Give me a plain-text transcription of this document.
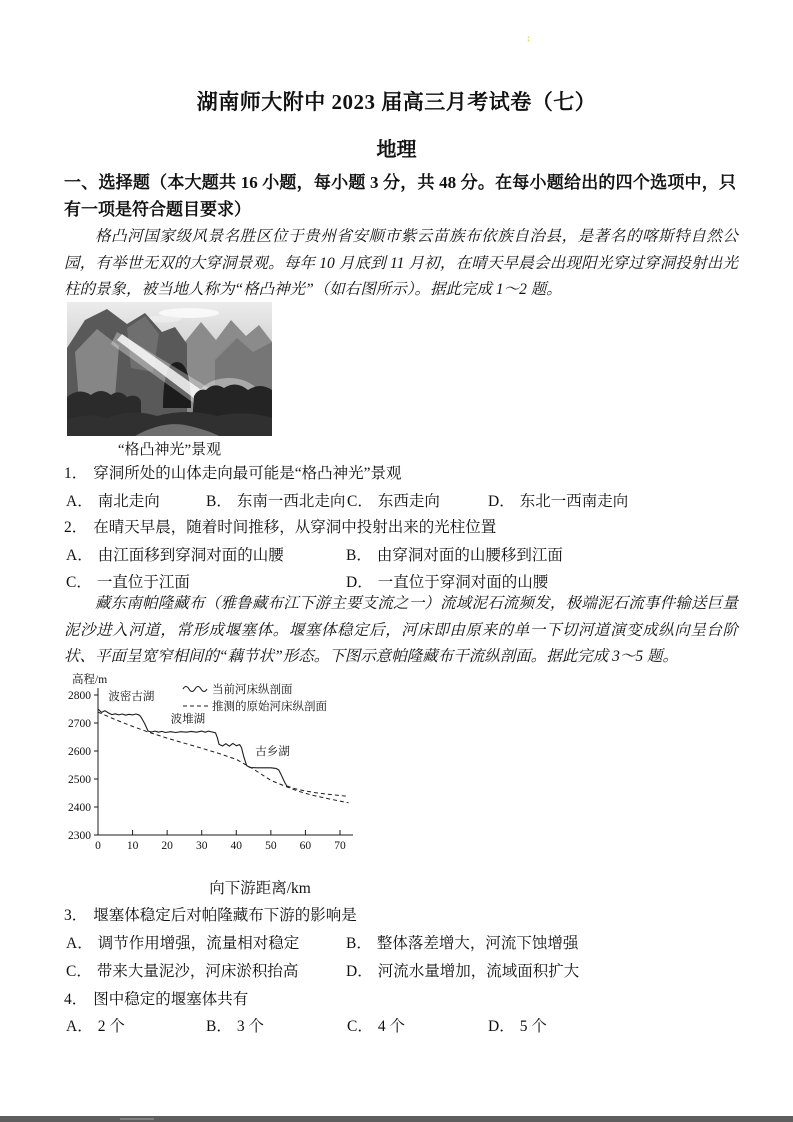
:
湖南师大附中 2023 届高三月考试卷（七）
地理
一、选择题（本大题共 16 小题，每小题 3 分，共 48 分。在每小题给出的四个选项中，只有一项是符合题目要求）
格凸河国家级风景名胜区位于贵州省安顺市紫云苗族布依族自治县，是著名的喀斯特自然公园，有举世无双的大穿洞景观。每年 10 月底到 11 月初，在晴天早晨会出现阳光穿过穿洞投射出光柱的景象，被当地人称为“格凸神光”（如右图所示）。据此完成 1～2 题。
“格凸神光”景观
1． 穿洞所处的山体走向最可能是“格凸神光”景观
A． 南北走向	B． 东南一西北走向 C． 东西走向	D． 东北一西南走向
2． 在晴天早晨，随着时间推移，从穿洞中投射出来的光柱位置
A． 由江面移到穿洞对面的山腰	B． 由穿洞对面的山腰移到江面
C． 一直位于江面	D． 一直位于穿洞对面的山腰
藏东南帕隆藏布（雅鲁藏布江下游主要支流之一）流域泥石流频发，极端泥石流事件输送巨量泥沙进入河道，常形成堰塞体。堰塞体稳定后，河床即由原来的单一下切河道演变成纵向呈台阶状、平面呈宽窄相间的“藕节状”形态。下图示意帕隆藏布干流纵剖面。据此完成 3～5 题。
2800
2700
2600
2500
2400
2300
0 10 20 30 40 50 60 70
高程/m
波密古湖
波堆湖
古乡湖
当前河床纵剖面
推测的原始河床纵剖面
向下游距离/km
3． 堰塞体稳定后对帕隆藏布下游的影响是
A． 调节作用增强，流量相对稳定	B． 整体落差增大，河流下蚀增强
C． 带来大量泥沙，河床淤积抬高	D． 河流水量增加，流域面积扩大
4． 图中稳定的堰塞体共有
A． 2 个	B． 3 个	C． 4 个	D． 5 个
